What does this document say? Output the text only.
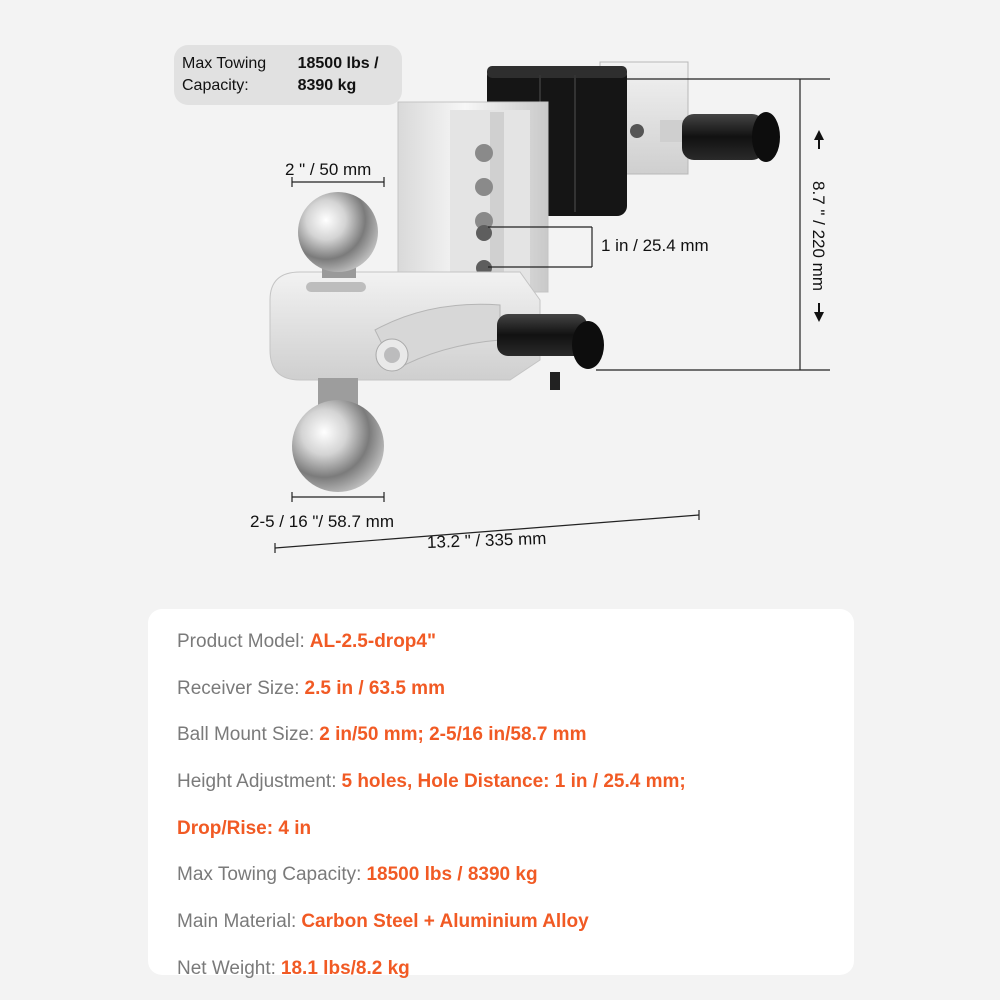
Max Towing	18500 lbs /
Capacity:	8390 kg
2 " / 50 mm
1 in / 25.4 mm
2-5 / 16 "/ 58.7 mm
13.2 " / 335 mm
8.7 " / 220 mm
Product Model: AL-2.5-drop4"
Receiver Size: 2.5 in / 63.5 mm
Ball Mount Size: 2 in/50 mm; 2-5/16 in/58.7 mm
Height Adjustment: 5 holes, Hole Distance: 1 in / 25.4 mm;
Drop/Rise: 4 in
Max Towing Capacity: 18500 lbs / 8390 kg
Main Material: Carbon Steel + Aluminium Alloy
Net Weight: 18.1 lbs/8.2 kg
